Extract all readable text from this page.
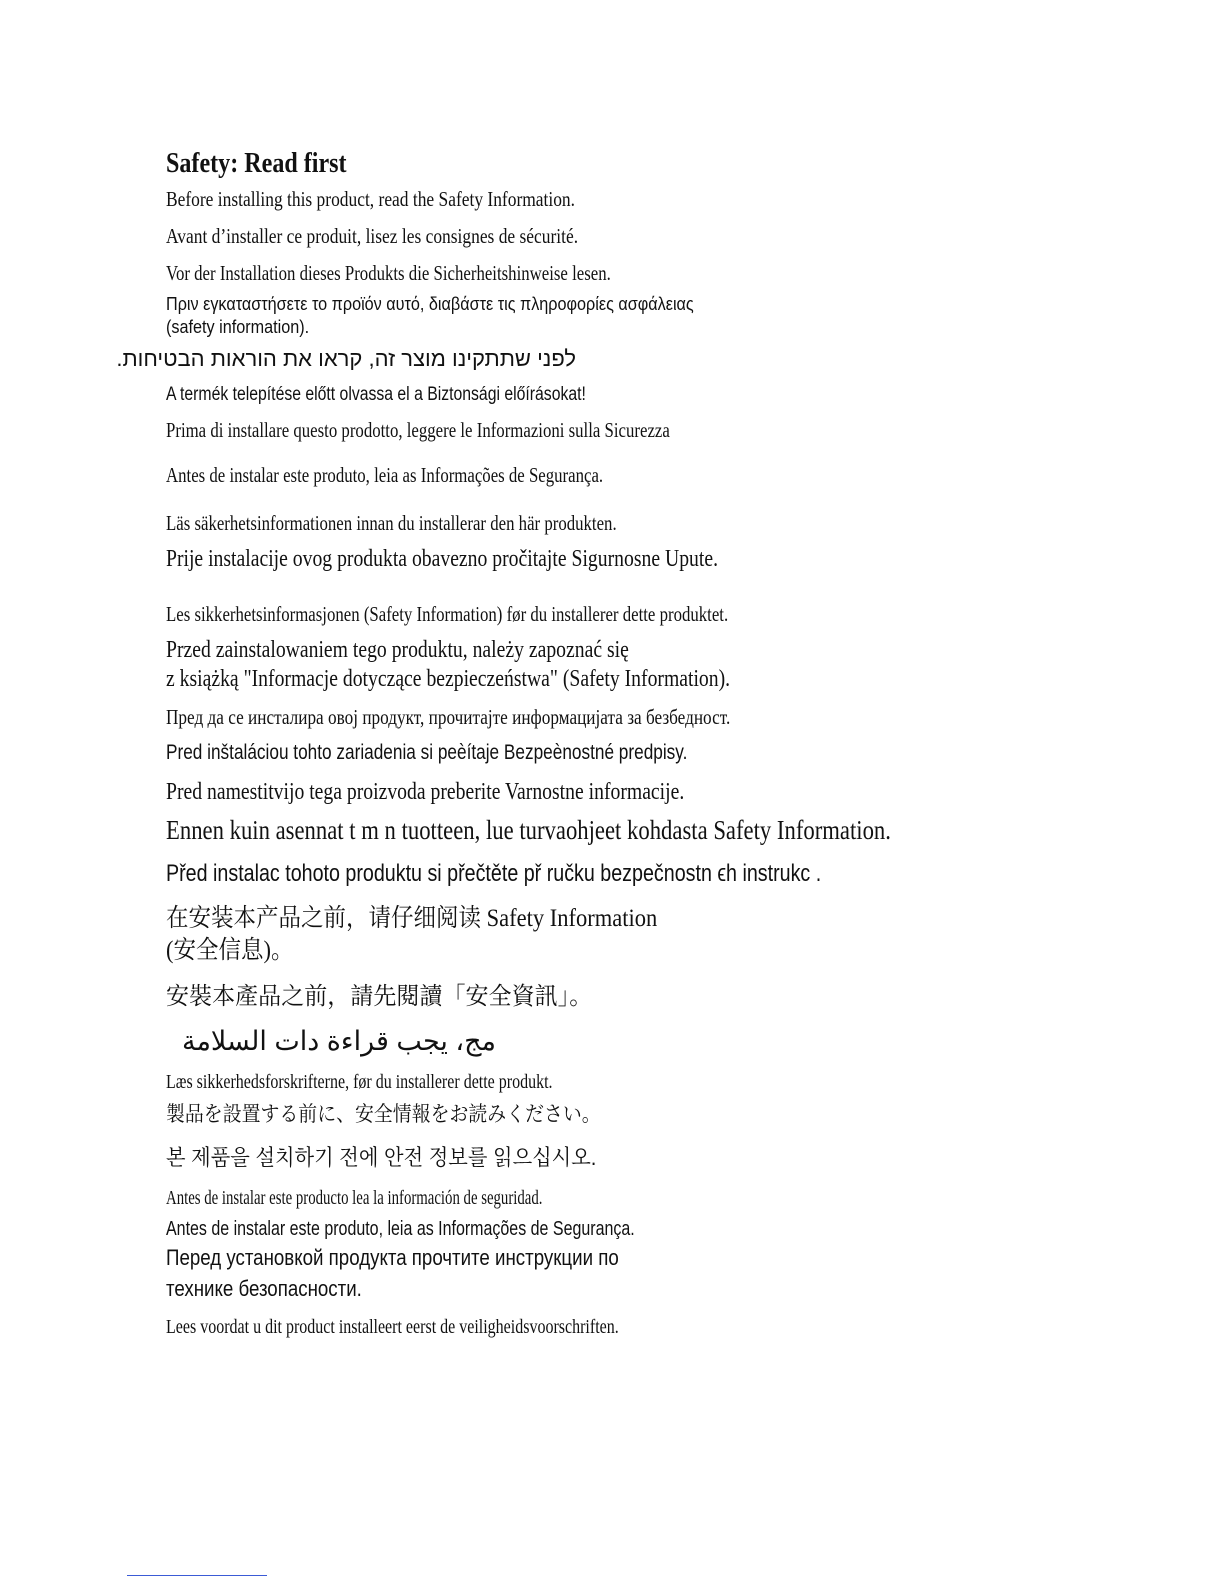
Safety: Read first

Before installing this product, read the Safety Information.

Avant d’installer ce produit, lisez les consignes de sécurité.

Vor der Installation dieses Produkts die Sicherheitshinweise lesen.

Πριν εγκαταστήσετε το προϊόν αυτό, διαβάστε τις πληροφορίες ασφάλειας

(safety information).

לפני שתתקינו מוצר זה, קראו את הוראות הבטיחות.

A termék telepítése előtt olvassa el a Biztonsági előírásokat!

Prima di installare questo prodotto, leggere le Informazioni sulla Sicurezza

Antes de instalar este produto, leia as Informações de Segurança.

Läs säkerhetsinformationen innan du installerar den här produkten.

Prije instalacije ovog produkta obavezno pročitajte Sigurnosne Upute.

Les sikkerhetsinformasjonen (Safety Information) før du installerer dette produktet.

Przed zainstalowaniem tego produktu, należy zapoznać się

z książką "Informacje dotyczące bezpieczeństwa" (Safety Information).

Пред да се инсталира овој продукт, прочитајте информацијата за безбедност.

Pred inštaláciou tohto zariadenia si peèítaje Bezpeènostné predpisy.

Pred namestitvijo tega proizvoda preberite Varnostne informacije.

Ennen kuin asennat t m n tuotteen, lue turvaohjeet kohdasta Safety Information.

Před instalac tohoto produktu si přečtěte př ručku bezpečnostn ϵh instrukc .

在安装本产品之前，请仔细阅读 Safety Information

(安全信息)。

安裝本產品之前，請先閱讀「安全資訊」。

مج، يجب قراءة دات السلامة

Læs sikkerhedsforskrifterne, før du installerer dette produkt.

製品を設置する前に、安全情報をお読みください。

본 제품을 설치하기 전에 안전 정보를 읽으십시오.

Antes de instalar este producto lea la información de seguridad.

Antes de instalar este produto, leia as Informações de Segurança.

Перед установкой продукта прочтите инструкции по

технике безопасности.

Lees voordat u dit product installeert eerst de veiligheidsvoorschriften.
